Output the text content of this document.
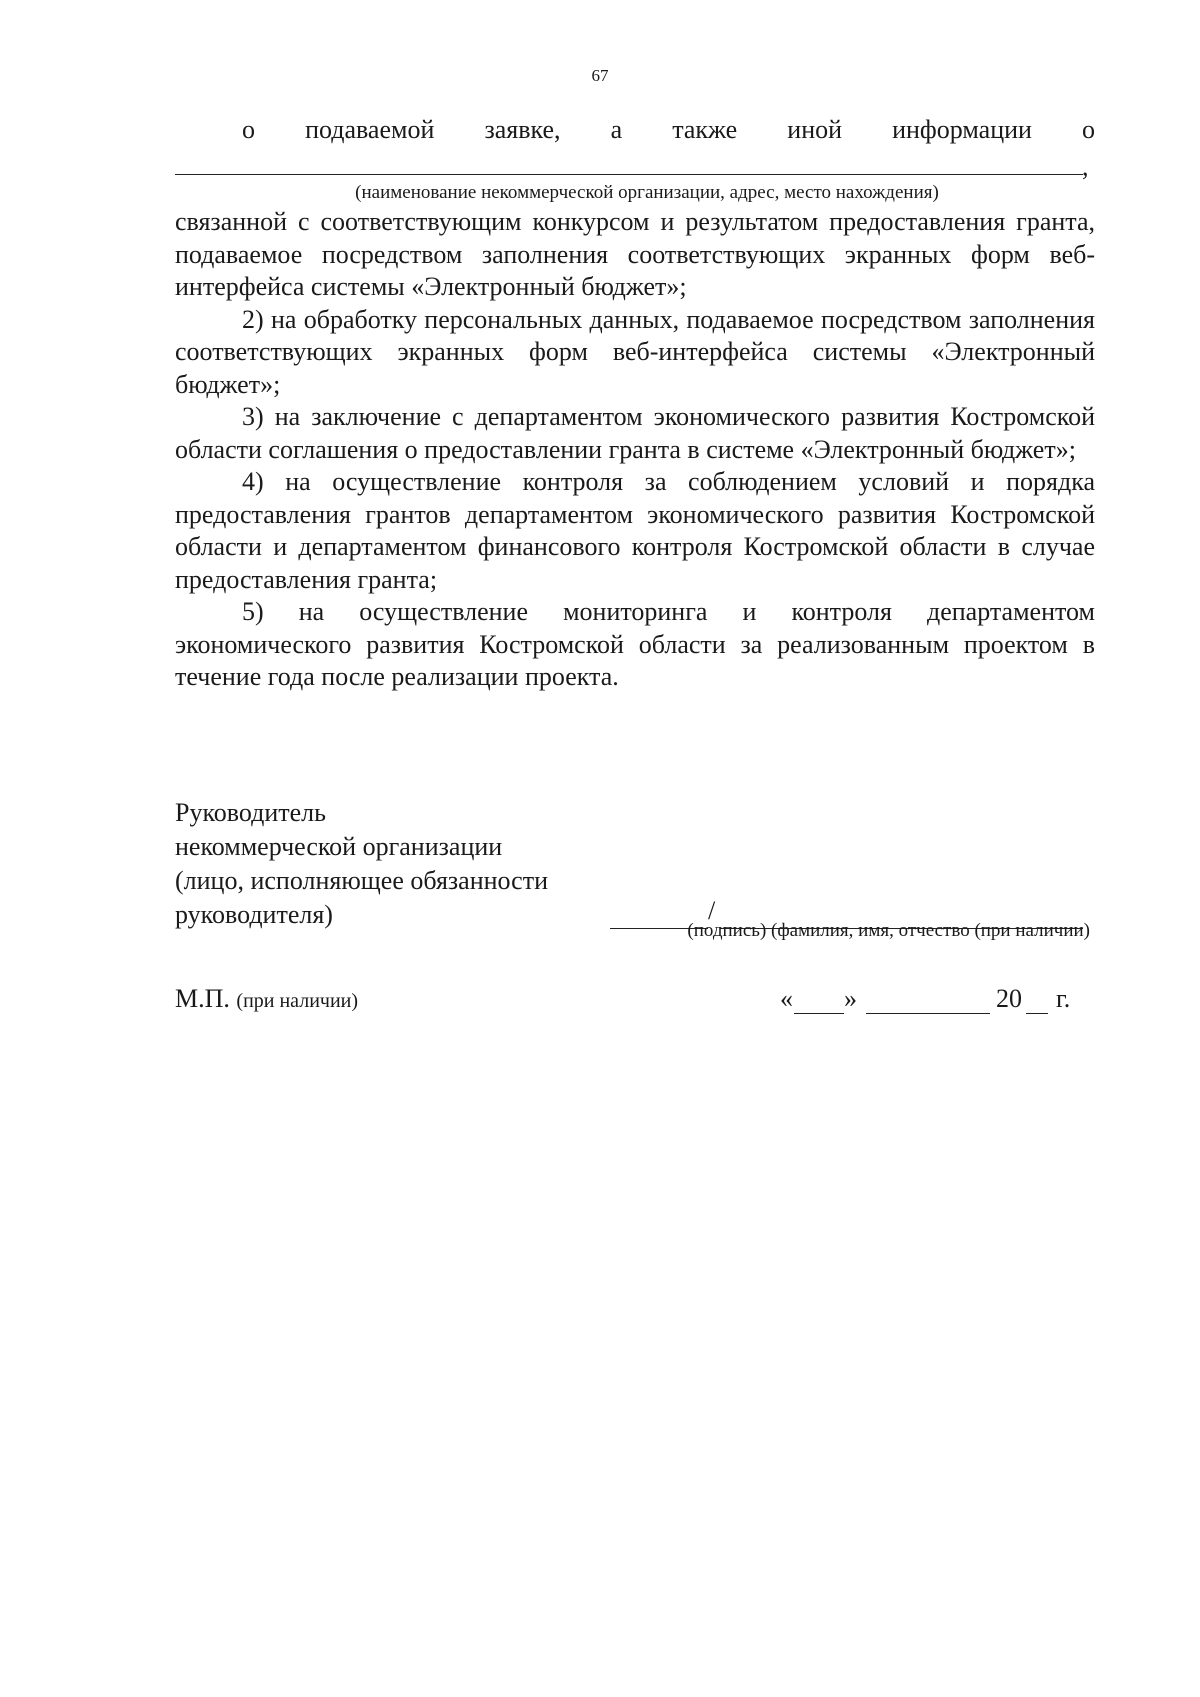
67
о подаваемой заявке, а также иной информации о
,
(наименование некоммерческой организации, адрес, место нахождения)

связанной с соответствующим конкурсом и результатом предоставления гранта, подаваемое посредством заполнения соответствующих экранных форм веб-интерфейса системы «Электронный бюджет»;

2) на обработку персональных данных, подаваемое посредством заполнения соответствующих экранных форм веб-интерфейса системы «Электронный бюджет»;

3) на заключение с департаментом экономического развития Костромской области соглашения о предоставлении гранта в системе «Электронный бюджет»;

4) на осуществление контроля за соблюдением условий и порядка предоставления грантов департаментом экономического развития Костромской области и департаментом финансового контроля Костромской области в случае предоставления гранта;

5) на осуществление мониторинга и контроля департаментом экономического развития Костромской области за реализованным проектом в течение года после реализации проекта.

Руководитель
некоммерческой организации
(лицо, исполняющее обязанности
руководителя)	/
(подпись) (фамилия, имя, отчество (при наличии)
М.П. (при наличии)	« »	20 г.
